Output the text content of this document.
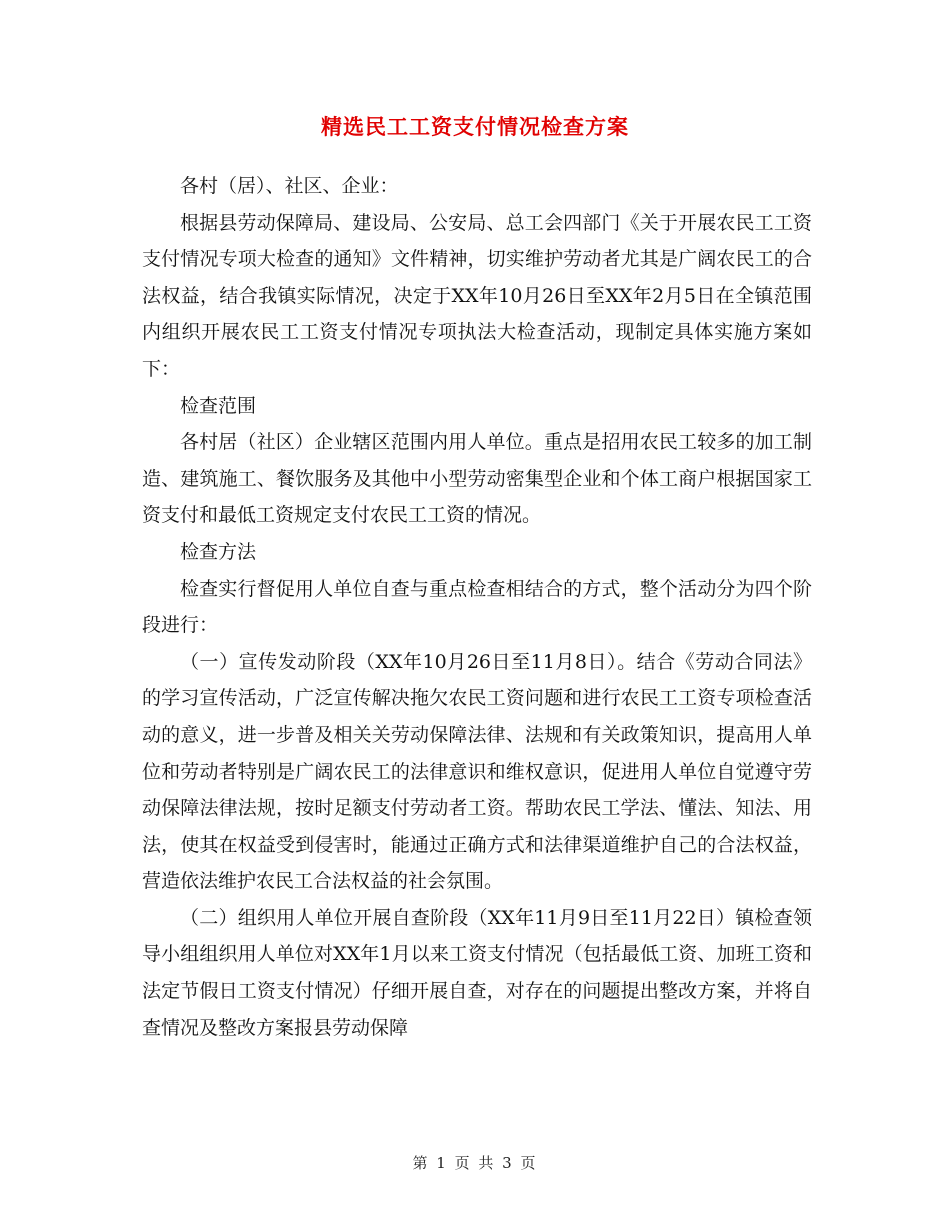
精选民工工资支付情况检查方案

各村（居）、社区、企业：

根据县劳动保障局、建设局、公安局、总工会四部门《关于开展农民工工资支付情况专项大检查的通知》文件精神，切实维护劳动者尤其是广阔农民工的合法权益，结合我镇实际情况，决定于XX年10月26日至XX年2月5日在全镇范围内组织开展农民工工资支付情况专项执法大检查活动，现制定具体实施方案如下：

检查范围

各村居（社区）企业辖区范围内用人单位。重点是招用农民工较多的加工制造、建筑施工、餐饮服务及其他中小型劳动密集型企业和个体工商户根据国家工资支付和最低工资规定支付农民工工资的情况。

检查方法

检查实行督促用人单位自查与重点检查相结合的方式，整个活动分为四个阶段进行：

（一）宣传发动阶段（XX年10月26日至11月8日）。结合《劳动合同法》的学习宣传活动，广泛宣传解决拖欠农民工资问题和进行农民工工资专项检查活动的意义，进一步普及相关关劳动保障法律、法规和有关政策知识，提高用人单位和劳动者特别是广阔农民工的法律意识和维权意识，促进用人单位自觉遵守劳动保障法律法规，按时足额支付劳动者工资。帮助农民工学法、懂法、知法、用法，使其在权益受到侵害时，能通过正确方式和法律渠道维护自己的合法权益，营造依法维护农民工合法权益的社会氛围。

（二）组织用人单位开展自查阶段（XX年11月9日至11月22日）镇检查领导小组组织用人单位对XX年1月以来工资支付情况（包括最低工资、加班工资和法定节假日工资支付情况）仔细开展自查，对存在的问题提出整改方案，并将自查情况及整改方案报县劳动保障

第 1 页 共 3 页
